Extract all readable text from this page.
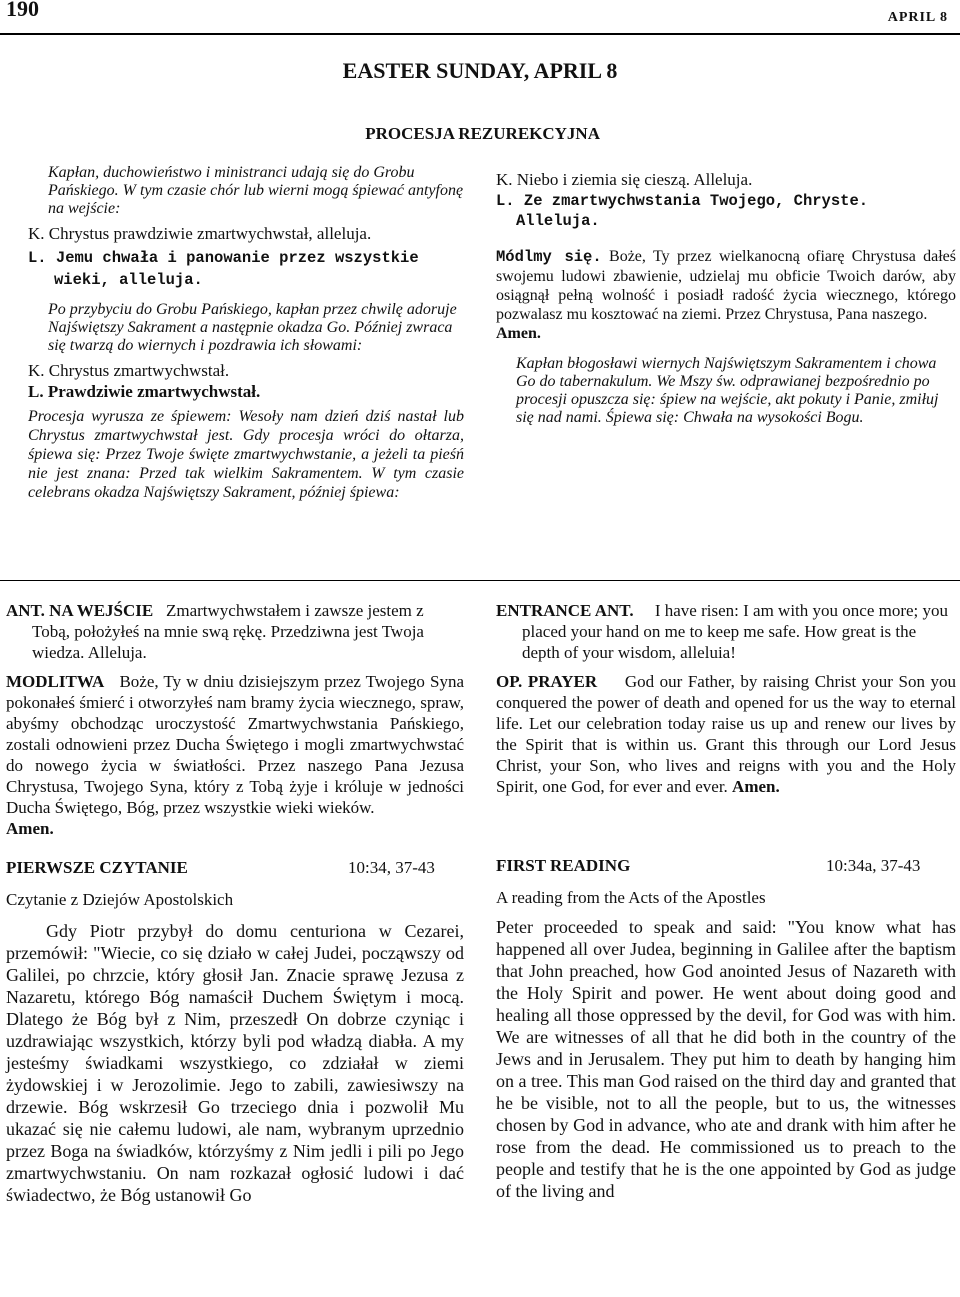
190	APRIL 8
EASTER SUNDAY, APRIL 8
PROCESJA REZUREKCYJNA

Kapłan, duchowieństwo i ministranci udają się do Grobu Pańskiego. W tym czasie chór lub wierni mogą śpiewać antyfonę na wejście:

K. Chrystus prawdziwie zmartwychwstał, alleluja.

L. Jemu chwała i panowanie przez wszystkie wieki, alleluja.

Po przybyciu do Grobu Pańskiego, kapłan przez chwilę adoruje Najświętszy Sakrament a następnie okadza Go. Później zwraca się twarzą do wiernych i pozdrawia ich słowami:

K. Chrystus zmartwychwstał.

L. Prawdziwie zmartwychwstał.

Procesja wyrusza ze śpiewem: Wesoły nam dzień dziś nastał lub Chrystus zmartwychwstał jest. Gdy procesja wróci do ołtarza, śpiewa się: Przez Twoje święte zmartwychwstanie, a jeżeli ta pieśń nie jest znana: Przed tak wielkim Sakramentem. W tym czasie celebrans okadza Najświętszy Sakrament, później śpiewa:

K. Niebo i ziemia się cieszą. Alleluja.

L. Ze zmartwychwstania Twojego, Chryste. Alleluja.

Módlmy się. Boże, Ty przez wielkanocną ofiarę Chrystusa dałeś swojemu ludowi zbawienie, udzielaj mu obficie Twoich darów, aby osiągnął pełną wolność i posiadł radość życia wiecznego, którego pozwalasz mu kosztować na ziemi. Przez Chrystusa, Pana naszego.

Amen.

Kapłan błogosławi wiernych Najświętszym Sakramentem i chowa Go do tabernakulum. We Mszy św. odprawianej bezpośrednio po procesji opuszcza się: śpiew na wejście, akt pokuty i Panie, zmiłuj się nad nami. Śpiewa się: Chwała na wysokości Bogu.

ANT. NA WEJŚCIE Zmartwychwstałem i zawsze jestem z Tobą, położyłeś na mnie swą rękę. Przedziwna jest Twoja wiedza. Alleluja.

MODLITWA Boże, Ty w dniu dzisiejszym przez Twojego Syna pokonałeś śmierć i otworzyłeś nam bramy życia wiecznego, spraw, abyśmy obchodząc uroczystość Zmartwychwstania Pańskiego, zostali odnowieni przez Ducha Świętego i mogli zmartwychwstać do nowego życia w światłości. Przez naszego Pana Jezusa Chrystusa, Twojego Syna, który z Tobą żyje i króluje w jedności Ducha Świętego, Bóg, przez wszystkie wieki wieków.

Amen.

PIERWSZE CZYTANIE	10:34, 37-43

Czytanie z Dziejów Apostolskich

Gdy Piotr przybył do domu centuriona w Cezarei, przemówił: "Wiecie, co się działo w całej Judei, począwszy od Galilei, po chrzcie, który głosił Jan. Znacie sprawę Jezusa z Nazaretu, którego Bóg namaścił Duchem Świętym i mocą. Dlatego że Bóg był z Nim, przeszedł On dobrze czyniąc i uzdrawiając wszystkich, którzy byli pod władzą diabła. A my jesteśmy świadkami wszystkiego, co zdziałał w ziemi żydowskiej i w Jerozolimie. Jego to zabili, zawiesiwszy na drzewie. Bóg wskrzesił Go trzeciego dnia i pozwolił Mu ukazać się nie całemu ludowi, ale nam, wybranym uprzednio przez Boga na świadków, którzyśmy z Nim jedli i pili po Jego zmartwychwstaniu. On nam rozkazał ogłosić ludowi i dać świadectwo, że Bóg ustanowił Go

ENTRANCE ANT. I have risen: I am with you once more; you placed your hand on me to keep me safe. How great is the depth of your wisdom, alleluia!

OP. PRAYER God our Father, by raising Christ your Son you conquered the power of death and opened for us the way to eternal life. Let our celebration today raise us up and renew our lives by the Spirit that is within us. Grant this through our Lord Jesus Christ, your Son, who lives and reigns with you and the Holy Spirit, one God, for ever and ever. Amen.

FIRST READING	10:34a, 37-43

A reading from the Acts of the Apostles

Peter proceeded to speak and said: "You know what has happened all over Judea, beginning in Galilee after the baptism that John preached, how God anointed Jesus of Nazareth with the Holy Spirit and power. He went about doing good and healing all those oppressed by the devil, for God was with him. We are witnesses of all that he did both in the country of the Jews and in Jerusalem. They put him to death by hanging him on a tree. This man God raised on the third day and granted that he be visible, not to all the people, but to us, the witnesses chosen by God in advance, who ate and drank with him after he rose from the dead. He commissioned us to preach to the people and testify that he is the one appointed by God as judge of the living and
